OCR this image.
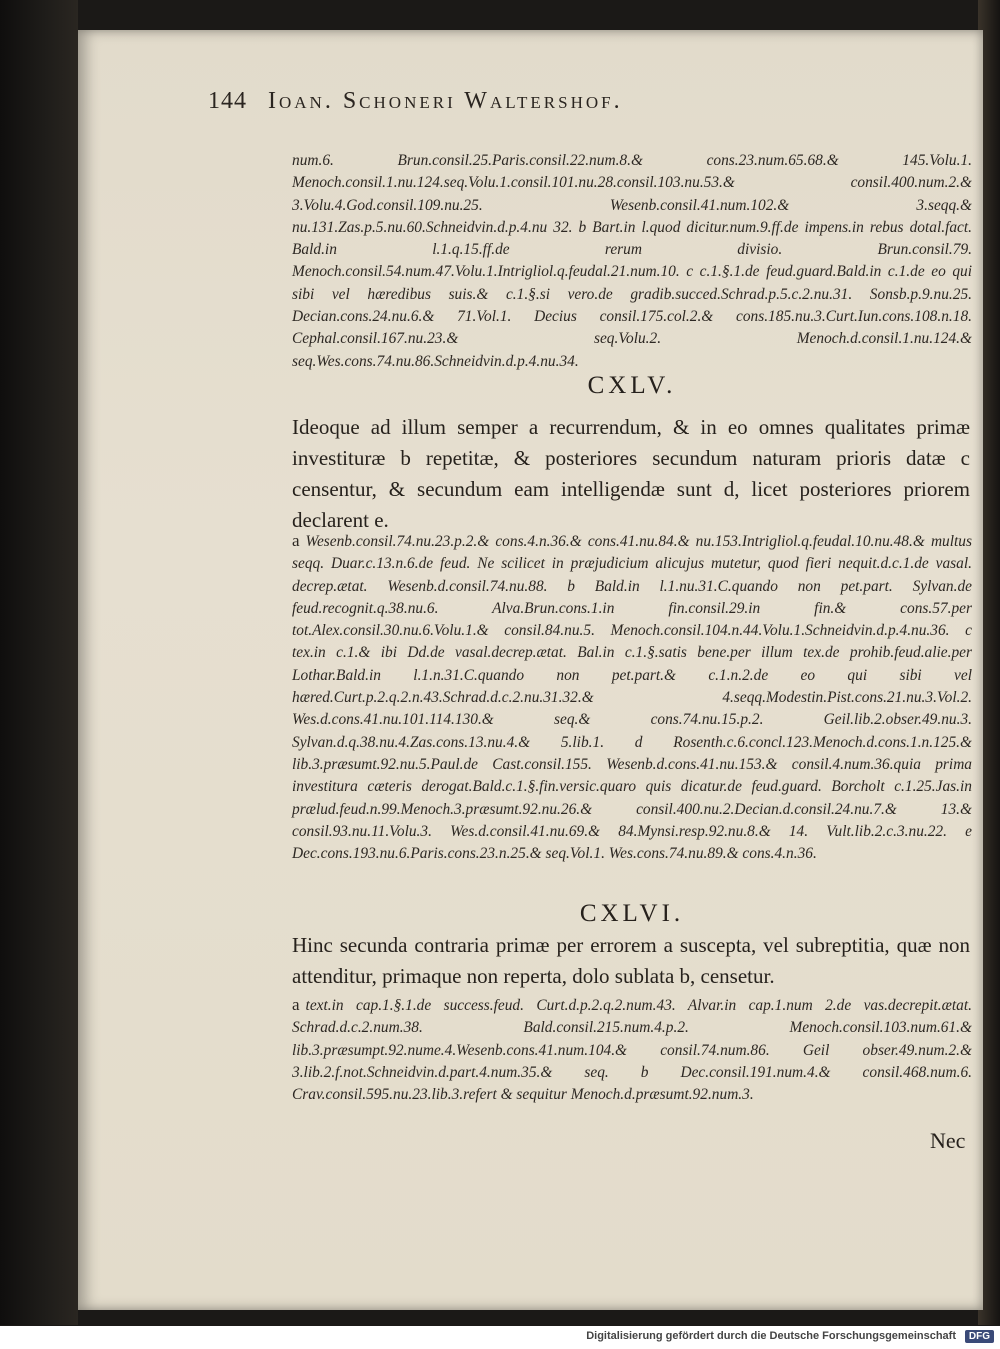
144 Ioan. Schoneri Waltershof.

num.6. Brun.consil.25.Paris.consil.22.num.8.& cons.23.num.65.68.& 145.Volu.1. Menoch.consil.1.nu.124.seq.Volu.1.consil.101.nu.28.consil.103.nu.53.& consil.400.num.2.& 3.Volu.4.God.consil.109.nu.25. Wesenb.consil.41.num.102.& 3.seqq.& nu.131.Zas.p.5.nu.60.Schneidvin.d.p.4.nu 32. b Bart.in l.quod dicitur.num.9.ff.de impens.in rebus dotal.fact. Bald.in l.1.q.15.ff.de rerum divisio. Brun.consil.79. Menoch.consil.54.num.47.Volu.1.Intrigliol.q.feudal.21.num.10. c c.1.§.1.de feud.guard.Bald.in c.1.de eo qui sibi vel hæredibus suis.& c.1.§.si vero.de gradib.succed.Schrad.p.5.c.2.nu.31. Sonsb.p.9.nu.25. Decian.cons.24.nu.6.& 71.Vol.1. Decius consil.175.col.2.& cons.185.nu.3.Curt.Iun.cons.108.n.18. Cephal.consil.167.nu.23.& seq.Volu.2. Menoch.d.consil.1.nu.124.& seq.Wes.cons.74.nu.86.Schneidvin.d.p.4.nu.34.

CXLV.

Ideoque ad illum semper a recurrendum, & in eo omnes qualitates primæ investituræ b repetitæ, & posteriores secundum naturam prioris datæ c censentur, & secundum eam intelligendæ sunt d, licet posteriores priorem declarent e.

a Wesenb.consil.74.nu.23.p.2.& cons.4.n.36.& cons.41.nu.84.& nu.153.Intrigliol.q.feudal.10.nu.48.& multus seqq. Duar.c.13.n.6.de feud. Ne scilicet in præjudicium alicujus mutetur, quod fieri nequit.d.c.1.de vasal. decrep.ætat. Wesenb.d.consil.74.nu.88. b Bald.in l.1.nu.31.C.quando non pet.part. Sylvan.de feud.recognit.q.38.nu.6. Alva.Brun.cons.1.in fin.consil.29.in fin.& cons.57.per tot.Alex.consil.30.nu.6.Volu.1.& consil.84.nu.5. Menoch.consil.104.n.44.Volu.1.Schneidvin.d.p.4.nu.36. c tex.in c.1.& ibi Dd.de vasal.decrep.ætat. Bal.in c.1.§.satis bene.per illum tex.de prohib.feud.alie.per Lothar.Bald.in l.1.n.31.C.quando non pet.part.& c.1.n.2.de eo qui sibi vel hæred.Curt.p.2.q.2.n.43.Schrad.d.c.2.nu.31.32.& 4.seqq.Modestin.Pist.cons.21.nu.3.Vol.2. Wes.d.cons.41.nu.101.114.130.& seq.& cons.74.nu.15.p.2. Geil.lib.2.obser.49.nu.3. Sylvan.d.q.38.nu.4.Zas.cons.13.nu.4.& 5.lib.1. d Rosenth.c.6.concl.123.Menoch.d.cons.1.n.125.& lib.3.præsumt.92.nu.5.Paul.de Cast.consil.155. Wesenb.d.cons.41.nu.153.& consil.4.num.36.quia prima investitura cæteris derogat.Bald.c.1.§.fin.versic.quaro quis dicatur.de feud.guard. Borcholt c.1.25.Jas.in prælud.feud.n.99.Menoch.3.præsumt.92.nu.26.& consil.400.nu.2.Decian.d.consil.24.nu.7.& 13.& consil.93.nu.11.Volu.3. Wes.d.consil.41.nu.69.& 84.Mynsi.resp.92.nu.8.& 14. Vult.lib.2.c.3.nu.22. e Dec.cons.193.nu.6.Paris.cons.23.n.25.& seq.Vol.1. Wes.cons.74.nu.89.& cons.4.n.36.

CXLVI.

Hinc secunda contraria primæ per errorem a suscepta, vel subreptitia, quæ non attenditur, primaque non reperta, dolo sublata b, censetur.

a text.in cap.1.§.1.de success.feud. Curt.d.p.2.q.2.num.43. Alvar.in cap.1.num 2.de vas.decrepit.ætat. Schrad.d.c.2.num.38. Bald.consil.215.num.4.p.2. Menoch.consil.103.num.61.& lib.3.præsumpt.92.nume.4.Wesenb.cons.41.num.104.& consil.74.num.86. Geil obser.49.num.2.& 3.lib.2.f.not.Schneidvin.d.part.4.num.35.& seq. b Dec.consil.191.num.4.& consil.468.num.6. Crav.consil.595.nu.23.lib.3.refert & sequitur Menoch.d.præsumt.92.num.3.

Nec
Digitalisierung gefördert durch die Deutsche Forschungsgemeinschaft	DFG
